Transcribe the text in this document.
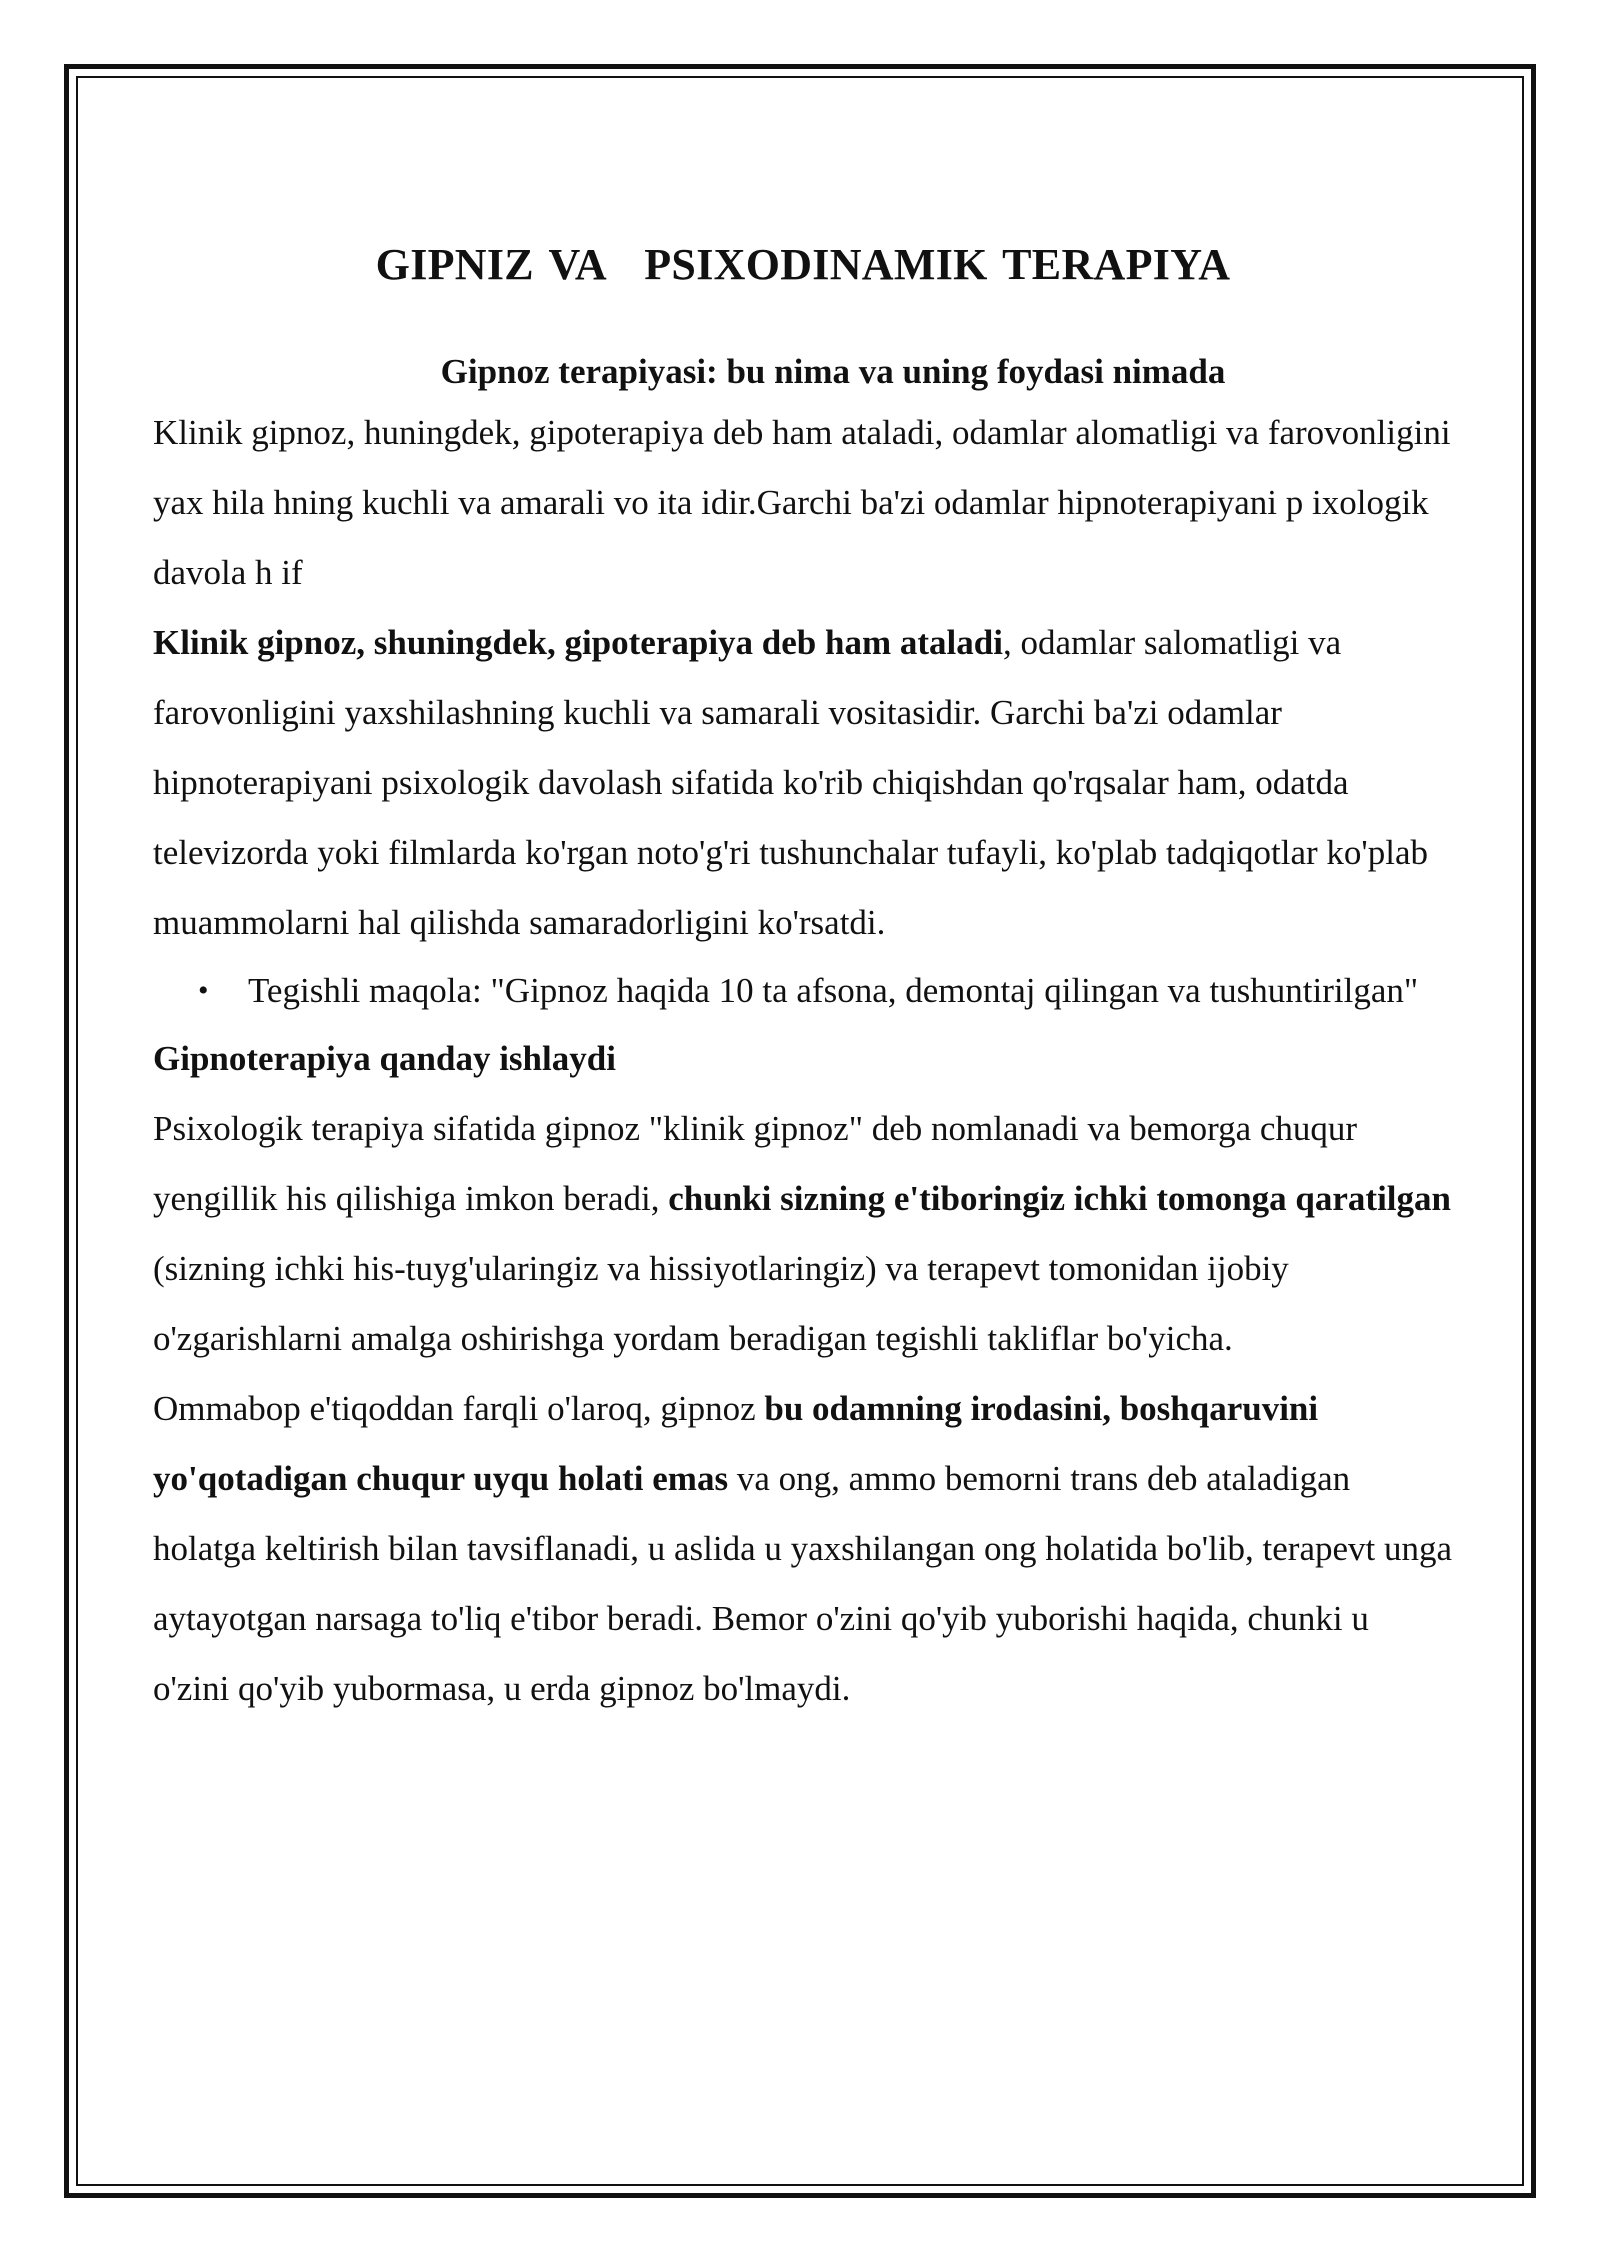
GIPNIZ VA PSIXODINAMIK TERAPIYA
Gipnoz terapiyasi: bu nima va uning foydasi nimada

Klinik gipnoz, huningdek, gipoterapiya deb ham ataladi, odamlar alomatligi va farovonligini yax hila hning kuchli va amarali vo ita idir.Garchi ba'zi odamlar hipnoterapiyani p ixologik davola h if

Klinik gipnoz, shuningdek, gipoterapiya deb ham ataladi, odamlar salomatligi va farovonligini yaxshilashning kuchli va samarali vositasidir. Garchi ba'zi odamlar hipnoterapiyani psixologik davolash sifatida ko'rib chiqishdan qo'rqsalar ham, odatda televizorda yoki filmlarda ko'rgan noto'g'ri tushunchalar tufayli, ko'plab tadqiqotlar ko'plab muammolarni hal qilishda samaradorligini ko'rsatdi.

• Tegishli maqola: "Gipnoz haqida 10 ta afsona, demontaj qilingan va tushuntirilgan"
Gipnoterapiya qanday ishlaydi

Psixologik terapiya sifatida gipnoz "klinik gipnoz" deb nomlanadi va bemorga chuqur yengillik his qilishiga imkon beradi, chunki sizning e'tiboringiz ichki tomonga qaratilgan (sizning ichki his-tuyg'ularingiz va hissiyotlaringiz) va terapevt tomonidan ijobiy o'zgarishlarni amalga oshirishga yordam beradigan tegishli takliflar bo'yicha.

Ommabop e'tiqoddan farqli o'laroq, gipnoz bu odamning irodasini, boshqaruvini yo'qotadigan chuqur uyqu holati emas va ong, ammo bemorni trans deb ataladigan holatga keltirish bilan tavsiflanadi, u aslida u yaxshilangan ong holatida bo'lib, terapevt unga aytayotgan narsaga to'liq e'tibor beradi. Bemor o'zini qo'yib yuborishi haqida, chunki u o'zini qo'yib yubormasa, u erda gipnoz bo'lmaydi.
